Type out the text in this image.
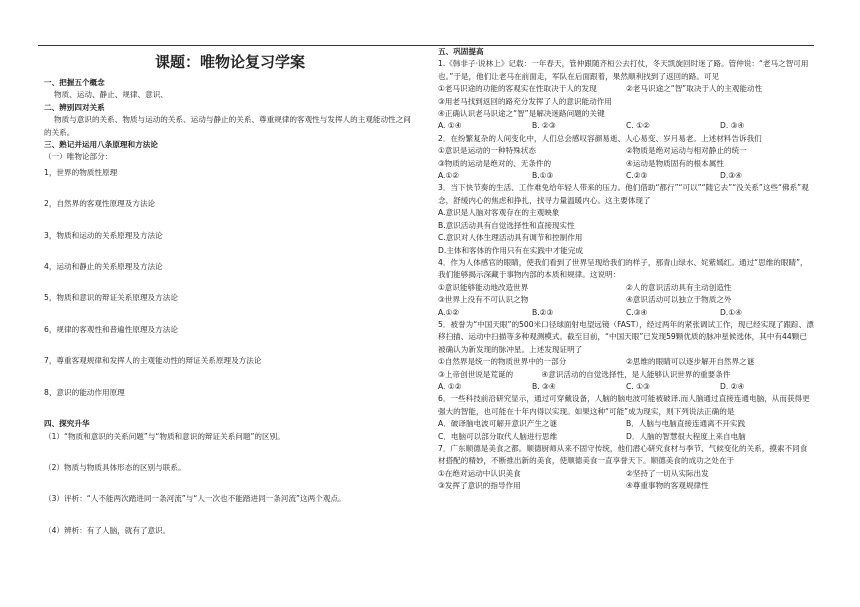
课题：唯物论复习学案
一、把握五个概念
物质、运动、静止、规律、意识、
二、辨别四对关系
物质与意识的关系、物质与运动的关系、运动与静止的关系、尊重规律的客观性与发挥人的主观能动性之间的关系。
三、熟记并运用八条原理和方法论
（一）唯物论部分：
1，世界的物质性原理
2，自然界的客观性原理及方法论
3，物质和运动的关系原理及方法论
4，运动和静止的关系原理及方法论
5，物质和意识的辩证关系原理及方法论
6，规律的客观性和普遍性原理及方法论
7，尊重客观规律和发挥人的主观能动性的辩证关系原理及方法论
8、意识的能动作用原理
四、探究升华
（1）“物质和意识的关系问题”与“物质和意识的辩证关系问题”的区别。
（2）物质与物质具体形态的区别与联系。
（3）评析：“人不能两次踏进同一条河流”与“人一次也不能踏进同一条河流”这两个观点。
（4）辨析：有了人脑，就有了意识。
五、巩固提高
1.《韩非子·说林上》记载：一年春天，管仲跟随齐桓公去打仗，冬天凯旋回时迷了路。管仲说：“老马之智可用也。”于是，他们让老马在前面走，军队在后面跟着，果然顺利找到了返回的路。可见
①老马识途的功能的客观实在性取决于人的发现	②老马识途之“智”取决于人的主观能动性
③用老马找到返回的路充分发挥了人的意识能动作用
④正确认识老马识途之“智”是解决迷路问题的关键
A. ①④	B. ②③	C. ①②	D. ③④
2．在纷繁复杂的人间变化中，人们总会感叹容颜易逝、人心易变、岁月易老。上述材料告诉我们
①意识是运动的一种特殊状态	②物质是绝对运动与相对静止的统一
③物质的运动是绝对的、无条件的	④运动是物质固有的根本属性
A.①②	B.①③	C.②③	D.③④
3．当下快节奏的生活、工作难免给年轻人带来的压力。他们借助“都行”“可以”“随它去”“没关系”这些“佛系”观念，舒缓内心的焦虑和挣扎，找寻力量温暖内心。这主要体现了
A.意识是人脑对客观存在的主观映象
B.意识活动具有自觉选择性和直接现实性
C.意识对人体生理活动具有调节和控制作用
D.主体和客体的作用只有在实践中才能完成
4．作为人体感官的眼睛，使我们看到了世界呈现给我们的样子，那青山绿水、姹紫嫣红。通过“思维的眼睛”，我们能够揭示深藏于事物内部的本质和规律。这说明：
①意识能够能动地改造世界	②人的意识活动具有主动创造性
③世界上没有不可认识之物	④意识活动可以独立于物质之外
A.①②	B.②③	C.③④	D.①④
5．被誉为“中国天眼”的500米口径球面射电望远镜（FAST），经过两年的紧张调试工作，现已经实现了跟踪、漂移扫描、运动中扫描等多种观测模式。截至目前，“中国天眼”已发现59颗优质的脉冲星候选体，其中有44颗已被确认为新发现的脉冲星。上述发现证明了
①自然界是统一的物质世界中的一部分	②思维的眼睛可以逐步解开自然界之谜
③上帝创世说是荒诞的	④意识活动的自觉选择性，是人能够认识世界的重要条件
A. ①②	B. ③④	C. ①③	D. ②④
6．一些科技前沿研究显示，通过可穿戴设备，人脑的脑电波可能被破译.而人脑通过直接连通电脑，从而获得更强大的智能，也可能在十年内得以实现。如果这种“可能”成为现实，则下列说法正确的是
A．破译脑电波可解开意识产生之谜	B．人脑与电脑直接连通离不开实践
C．电脑可以部分取代人脑进行思维	D．人脑的智慧很大程度上来自电脑
7．广东顺德是美食之都。顺德厨师从来不固守传统，他们潜心研究食材与季节、气候变化的关系，摸索不同食材搭配的精妙，不断推出新的美食，使顺德美食一直享誉天下。顺德美食的成功之处在于
①在绝对运动中认识美食	②坚持了一切从实际出发
③发挥了意识的指导作用	④尊重事物的客观规律性
